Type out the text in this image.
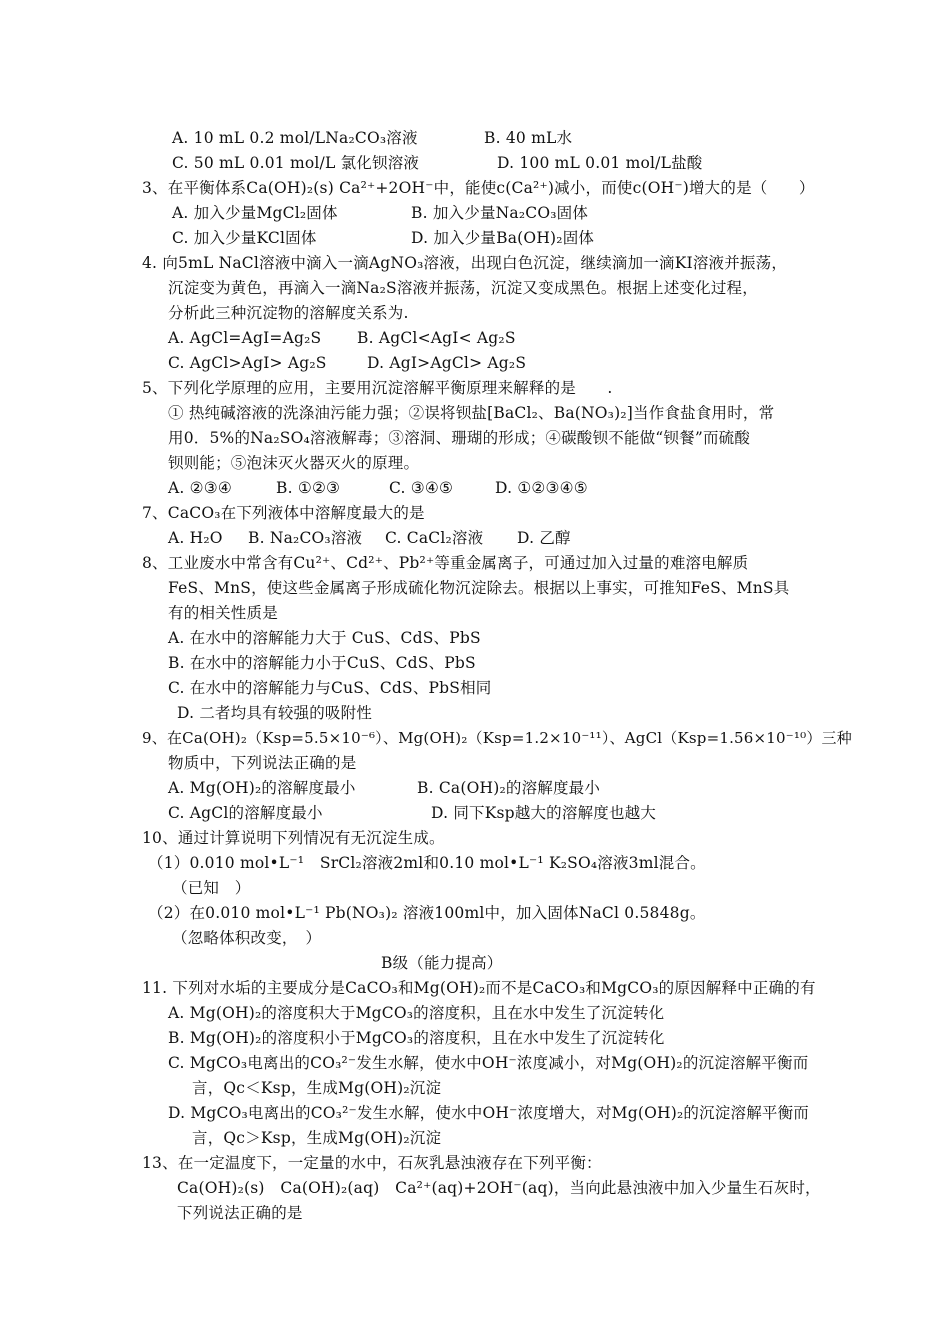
A. 10 mL 0.2 mol/LNa₂CO₃溶液	B. 40 mL水
C. 50 mL 0.01 mol/L 氯化钡溶液	D. 100 mL 0.01 mol/L盐酸
3、在平衡体系Ca(OH)₂(s) Ca²⁺+2OH⁻中，能使c(Ca²⁺)减小，而使c(OH⁻)增大的是（　　）
A. 加入少量MgCl₂固体	B. 加入少量Na₂CO₃固体
C. 加入少量KCl固体	D. 加入少量Ba(OH)₂固体
4. 向5mL NaCl溶液中滴入一滴AgNO₃溶液，出现白色沉淀，继续滴加一滴KI溶液并振荡，
沉淀变为黄色，再滴入一滴Na₂S溶液并振荡，沉淀又变成黑色。根据上述变化过程，
分析此三种沉淀物的溶解度关系为.
A. AgCl=AgI=Ag₂S B. AgCl<AgI< Ag₂S
C. AgCl>AgI> Ag₂S	D. AgI>AgCl> Ag₂S
5、下列化学原理的应用，主要用沉淀溶解平衡原理来解释的是　　.
① 热纯碱溶液的洗涤油污能力强；②误将钡盐[BaCl₂、Ba(NO₃)₂]当作食盐食用时，常
用0．5%的Na₂SO₄溶液解毒；③溶洞、珊瑚的形成；④碳酸钡不能做“钡餐”而硫酸
钡则能；⑤泡沫灭火器灭火的原理。
A. ②③④	B. ①②③	C. ③④⑤	D. ①②③④⑤
7、CaCO₃在下列液体中溶解度最大的是
A. H₂O B. Na₂CO₃溶液 C. CaCl₂溶液 D. 乙醇
8、工业废水中常含有Cu²⁺、Cd²⁺、Pb²⁺等重金属离子，可通过加入过量的难溶电解质
FeS、MnS，使这些金属离子形成硫化物沉淀除去。根据以上事实，可推知FeS、MnS具
有的相关性质是
A. 在水中的溶解能力大于 CuS、CdS、PbS
B. 在水中的溶解能力小于CuS、CdS、PbS
C. 在水中的溶解能力与CuS、CdS、PbS相同
D. 二者均具有较强的吸附性
9、在Ca(OH)₂（Ksp=5.5×10⁻⁶）、Mg(OH)₂（Ksp=1.2×10⁻¹¹）、AgCl（Ksp=1.56×10⁻¹⁰）三种
物质中，下列说法正确的是
A. Mg(OH)₂的溶解度最小	B. Ca(OH)₂的溶解度最小
C. AgCl的溶解度最小	D. 同下Ksp越大的溶解度也越大
10、通过计算说明下列情况有无沉淀生成。
（1）0.010 mol•L⁻¹　SrCl₂溶液2ml和0.10 mol•L⁻¹ K₂SO₄溶液3ml混合。
（已知　）
（2）在0.010 mol•L⁻¹ Pb(NO₃)₂ 溶液100ml中，加入固体NaCl 0.5848g。
（忽略体积改变，　）
B级（能力提高）
11. 下列对水垢的主要成分是CaCO₃和Mg(OH)₂而不是CaCO₃和MgCO₃的原因解释中正确的有
A. Mg(OH)₂的溶度积大于MgCO₃的溶度积，且在水中发生了沉淀转化
B. Mg(OH)₂的溶度积小于MgCO₃的溶度积，且在水中发生了沉淀转化
C. MgCO₃电离出的CO₃²⁻发生水解，使水中OH⁻浓度减小，对Mg(OH)₂的沉淀溶解平衡而
言，Qc＜Ksp，生成Mg(OH)₂沉淀
D. MgCO₃电离出的CO₃²⁻发生水解，使水中OH⁻浓度增大，对Mg(OH)₂的沉淀溶解平衡而
言，Qc＞Ksp，生成Mg(OH)₂沉淀
13、在一定温度下，一定量的水中，石灰乳悬浊液存在下列平衡：
Ca(OH)₂(s)　Ca(OH)₂(aq)　Ca²⁺(aq)+2OH⁻(aq)，当向此悬浊液中加入少量生石灰时，
下列说法正确的是
